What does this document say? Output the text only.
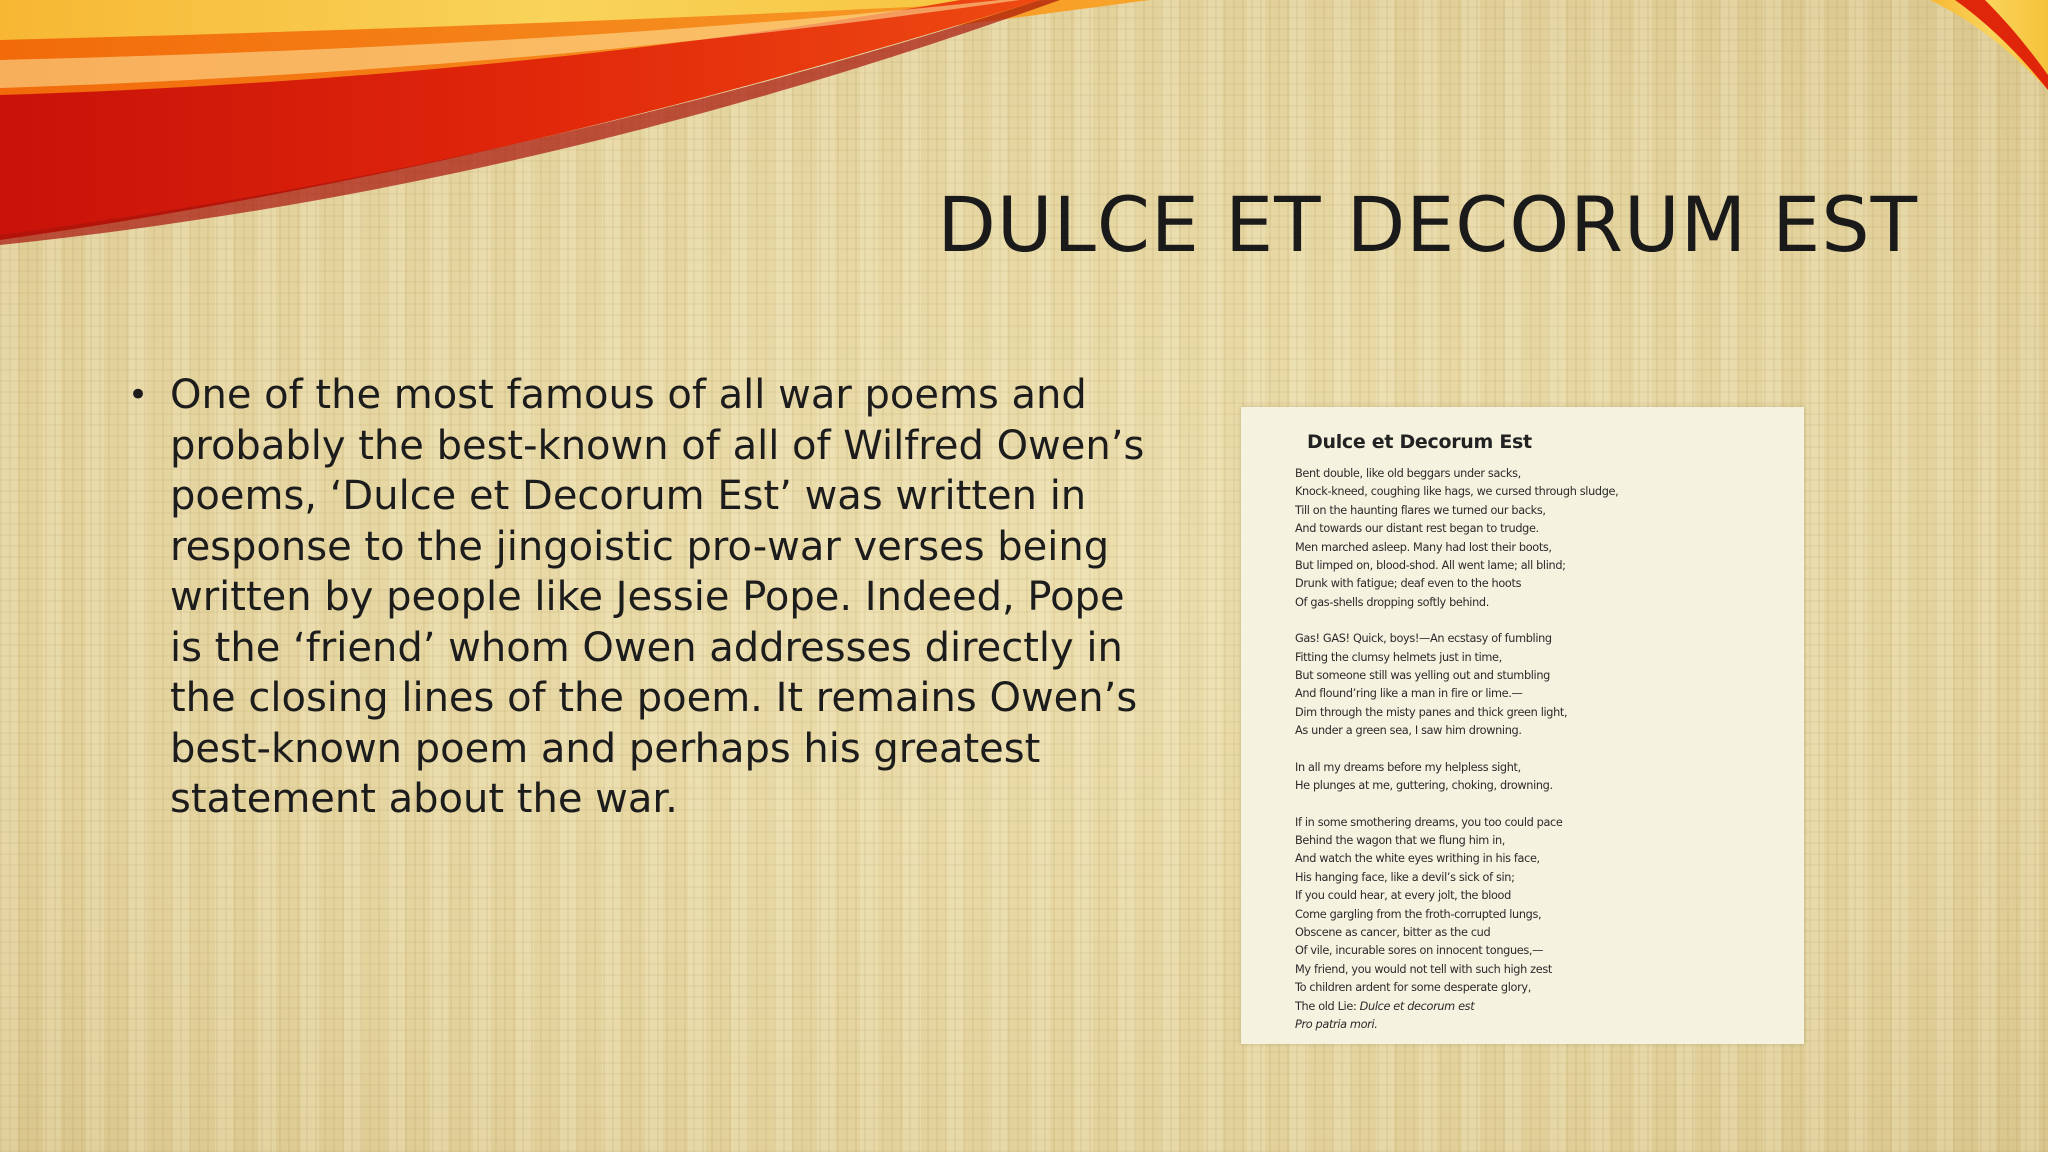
DULCE ET DECORUM EST
• One of the most famous of all war poems and probably the best-known of all of Wilfred Owen’s poems, ‘Dulce et Decorum Est’ was written in response to the jingoistic pro-war verses being written by people like Jessie Pope. Indeed, Pope is the ‘friend’ whom Owen addresses directly in the closing lines of the poem. It remains Owen’s best-known poem and perhaps his greatest statement about the war.
Dulce et Decorum Est
Bent double, like old beggars under sacks,
Knock-kneed, coughing like hags, we cursed through sludge,
Till on the haunting flares we turned our backs,
And towards our distant rest began to trudge.
Men marched asleep. Many had lost their boots,
But limped on, blood-shod. All went lame; all blind;
Drunk with fatigue; deaf even to the hoots
Of gas-shells dropping softly behind.
Gas! GAS! Quick, boys!—An ecstasy of fumbling
Fitting the clumsy helmets just in time,
But someone still was yelling out and stumbling
And flound’ring like a man in fire or lime.—
Dim through the misty panes and thick green light,
As under a green sea, I saw him drowning.
In all my dreams before my helpless sight,
He plunges at me, guttering, choking, drowning.
If in some smothering dreams, you too could pace
Behind the wagon that we flung him in,
And watch the white eyes writhing in his face,
His hanging face, like a devil’s sick of sin;
If you could hear, at every jolt, the blood
Come gargling from the froth-corrupted lungs,
Obscene as cancer, bitter as the cud
Of vile, incurable sores on innocent tongues,—
My friend, you would not tell with such high zest
To children ardent for some desperate glory,
The old Lie: Dulce et decorum est
Pro patria mori.
